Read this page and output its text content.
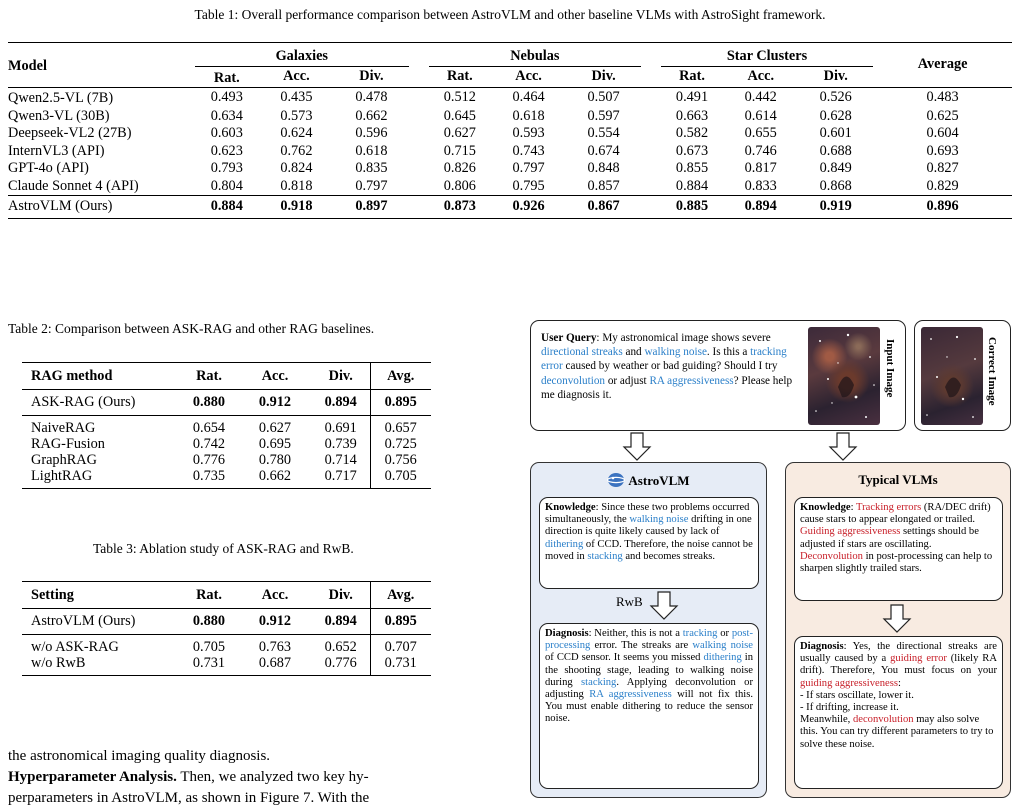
Table 1: Overall performance comparison between AstroVLM and other baseline VLMs with AstroSight framework.
Model	Galaxies				Nebulas				Star Clusters			Average
	Rat.	Acc.	Div.		Rat.	Acc.	Div.		Rat.	Acc.	Div.	
Qwen2.5-VL (7B)	0.493	0.435	0.478		0.512	0.464	0.507		0.491	0.442	0.526	0.483
Qwen3-VL (30B)	0.634	0.573	0.662		0.645	0.618	0.597		0.663	0.614	0.628	0.625
Deepseek-VL2 (27B)	0.603	0.624	0.596		0.627	0.593	0.554		0.582	0.655	0.601	0.604
InternVL3 (API)	0.623	0.762	0.618		0.715	0.743	0.674		0.673	0.746	0.688	0.693
GPT-4o (API)	0.793	0.824	0.835		0.826	0.797	0.848		0.855	0.817	0.849	0.827
Claude Sonnet 4 (API)	0.804	0.818	0.797		0.806	0.795	0.857		0.884	0.833	0.868	0.829
AstroVLM (Ours)	0.884	0.918	0.897		0.873	0.926	0.867		0.885	0.894	0.919	0.896
Table 2: Comparison between ASK-RAG and other RAG baselines.
RAG method	Rat.	Acc.	Div.	Avg.
ASK-RAG (Ours)	0.880	0.912	0.894	0.895
NaiveRAG	0.654	0.627	0.691	0.657
RAG-Fusion	0.742	0.695	0.739	0.725
GraphRAG	0.776	0.780	0.714	0.756
LightRAG	0.735	0.662	0.717	0.705
Table 3: Ablation study of ASK-RAG and RwB.
Setting	Rat.	Acc.	Div.	Avg.
AstroVLM (Ours)	0.880	0.912	0.894	0.895
w/o ASK-RAG	0.705	0.763	0.652	0.707
w/o RwB	0.731	0.687	0.776	0.731
the astronomical imaging quality diagnosis.
Hyperparameter Analysis. Then, we analyzed two key hy-
perparameters in AstroVLM, as shown in Figure 7. With the
User Query: My astronomical image shows severe directional streaks and walking noise. Is this a tracking error caused by weather or bad guiding? Should I try deconvolution or adjust RA aggressiveness? Please help me diagnosis it.	Input Image	Correct Image
AstroVLM
Knowledge: Since these two problems occurred simultaneously, the walking noise drifting in one direction is quite likely caused by lack of dithering of CCD. Therefore, the noise cannot be moved in stacking and becomes streaks.
RwB
Diagnosis: Neither, this is not a tracking or post-processing error. The streaks are walking noise of CCD sensor. It seems you missed dithering in the shooting stage, leading to walking noise during stacking. Applying deconvolution or adjusting RA aggressiveness will not fix this. You must enable dithering to reduce the sensor noise.
Typical VLMs
Knowledge: Tracking errors (RA/DEC drift) cause stars to appear elongated or trailed. Guiding aggressiveness settings should be adjusted if stars are oscillating. Deconvolution in post-processing can help to sharpen slightly trailed stars.
Diagnosis: Yes, the directional streaks are usually caused by a guiding error (likely RA drift). Therefore, You must focus on your guiding aggressiveness:
- If stars oscillate, lower it.
- If drifting, increase it.
Meanwhile, deconvolution may also solve this. You can try different parameters to try to solve these noise.
